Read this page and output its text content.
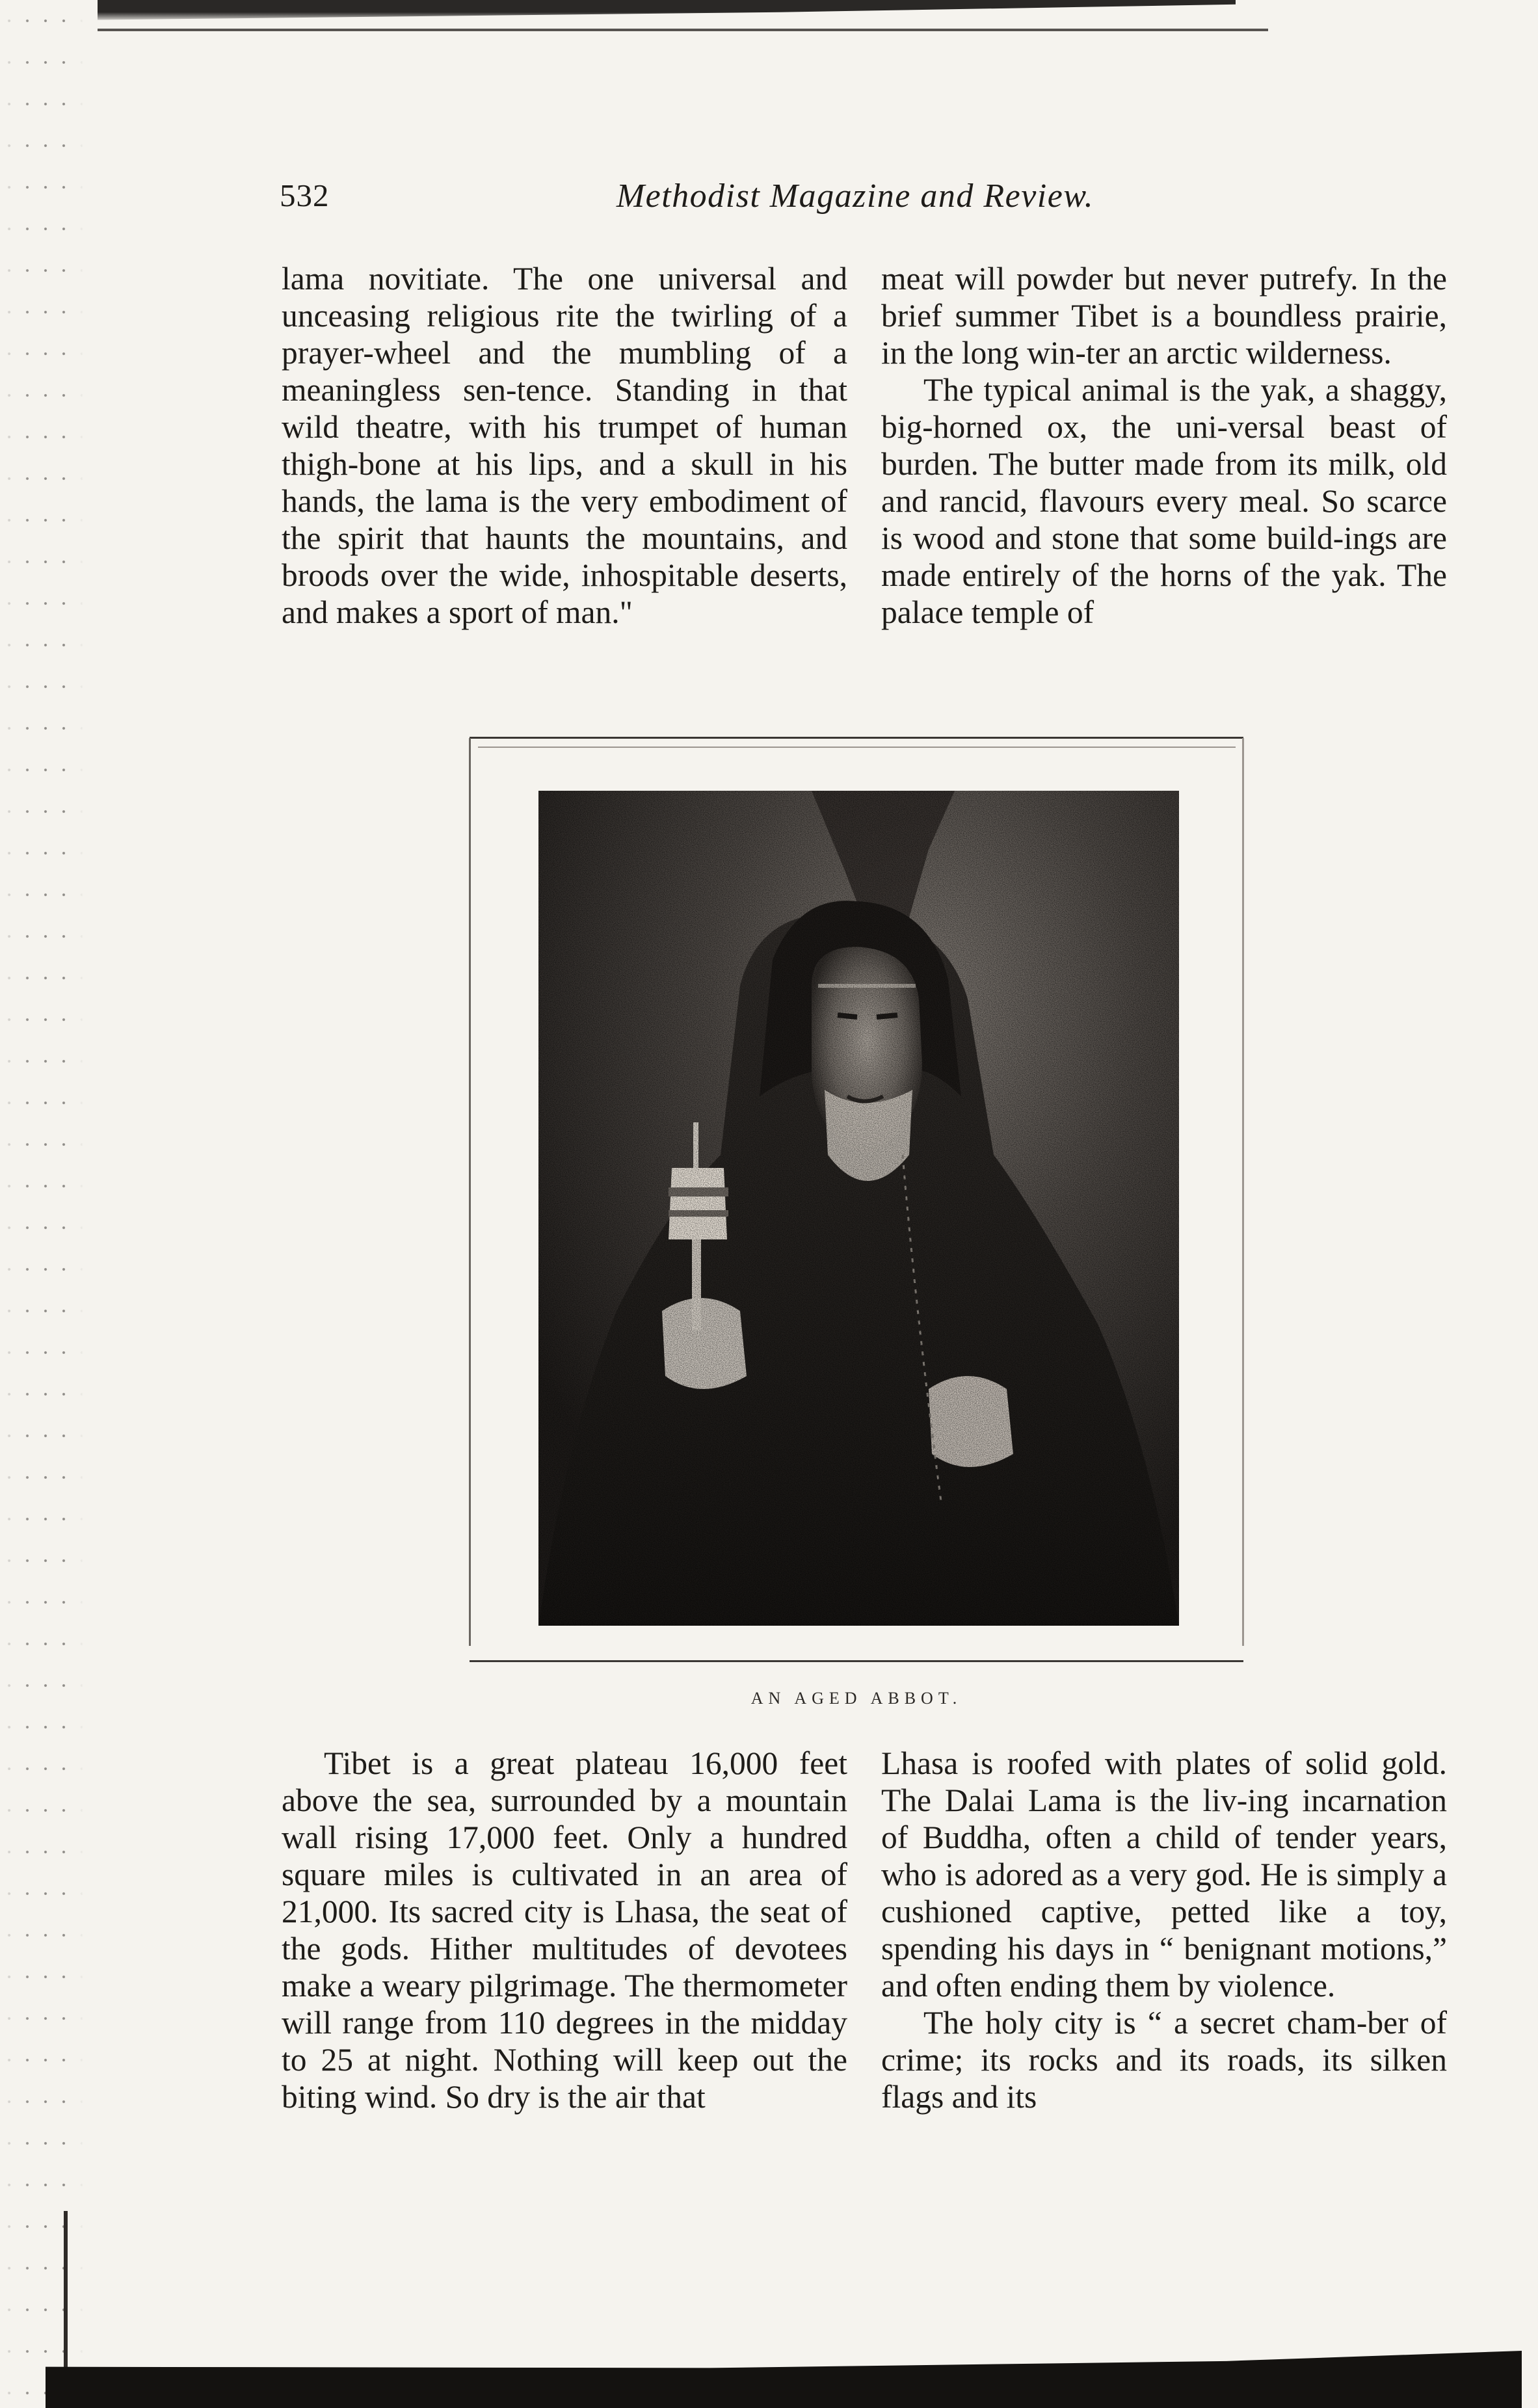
532	Methodist Magazine and Review.

lama novitiate. The one universal and unceasing religious rite the twirling of a prayer-wheel and the mumbling of a meaningless sen-tence. Standing in that wild theatre, with his trumpet of human thigh-bone at his lips, and a skull in his hands, the lama is the very embodiment of the spirit that haunts the mountains, and broods over the wide, inhospitable deserts, and makes a sport of man."

meat will powder but never putrefy. In the brief summer Tibet is a boundless prairie, in the long win-ter an arctic wilderness.

The typical animal is the yak, a shaggy, big-horned ox, the uni-versal beast of burden. The butter made from its milk, old and rancid, flavours every meal. So scarce is wood and stone that some build-ings are made entirely of the horns of the yak. The palace temple of

AN AGED ABBOT.

Tibet is a great plateau 16,000 feet above the sea, surrounded by a mountain wall rising 17,000 feet. Only a hundred square miles is cultivated in an area of 21,000. Its sacred city is Lhasa, the seat of the gods. Hither multitudes of devotees make a weary pilgrimage. The thermometer will range from 110 degrees in the midday to 25 at night. Nothing will keep out the biting wind. So dry is the air that

Lhasa is roofed with plates of solid gold. The Dalai Lama is the liv-ing incarnation of Buddha, often a child of tender years, who is adored as a very god. He is simply a cushioned captive, petted like a toy, spending his days in “ benignant motions,” and often ending them by violence.

The holy city is “ a secret cham-ber of crime; its rocks and its roads, its silken flags and its
